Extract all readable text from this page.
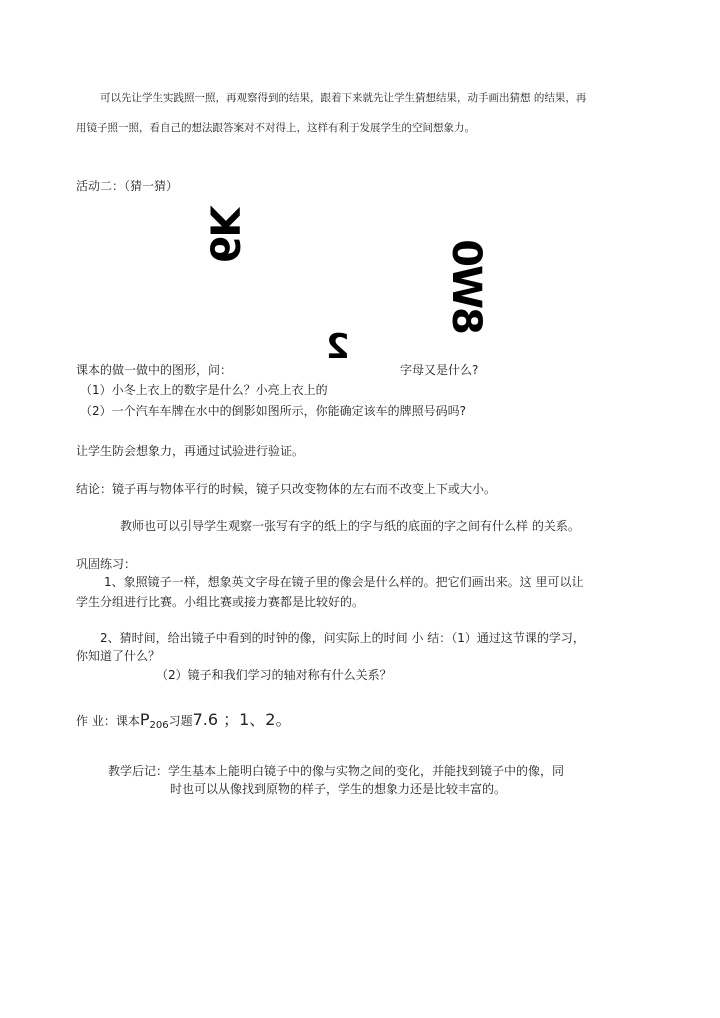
可以先让学生实践照一照，再观察得到的结果，跟着下来就先让学生猜想结果，动手画出猜想 的结果，再
用镜子照一照，看自己的想法跟答案对不对得上，这样有利于发展学生的空间想象力。
活动二：（猜一猜）
6K
8W0
2
课本的做一做中的图形，问：	字母又是什么?
（1）小冬上衣上的数字是什么？小亮上衣上的
（2）一个汽车车牌在水中的倒影如图所示，你能确定该车的牌照号码吗?
让学生防会想象力，再通过试验进行验证。
结论：镜子再与物体平行的时候，镜子只改变物体的左右而不改变上下或大小。
教师也可以引导学生观察一张写有字的纸上的字与纸的底面的字之间有什么样 的关系。
巩固练习：
1、象照镜子一样，想象英文字母在镜子里的像会是什么样的。把它们画出来。这 里可以让
学生分组进行比赛。小组比赛或接力赛都是比较好的。
2、猜时间，给出镜子中看到的时钟的像，问实际上的时间 小 结：（1）通过这节课的学习，
你知道了什么？
（2）镜子和我们学习的轴对称有什么关系？
作 业：课本$P_{206}$习题7.6 ；1、2。
教学后记：学生基本上能明白镜子中的像与实物之间的变化，并能找到镜子中的像，同
时也可以从像找到原物的样子，学生的想象力还是比较丰富的。
